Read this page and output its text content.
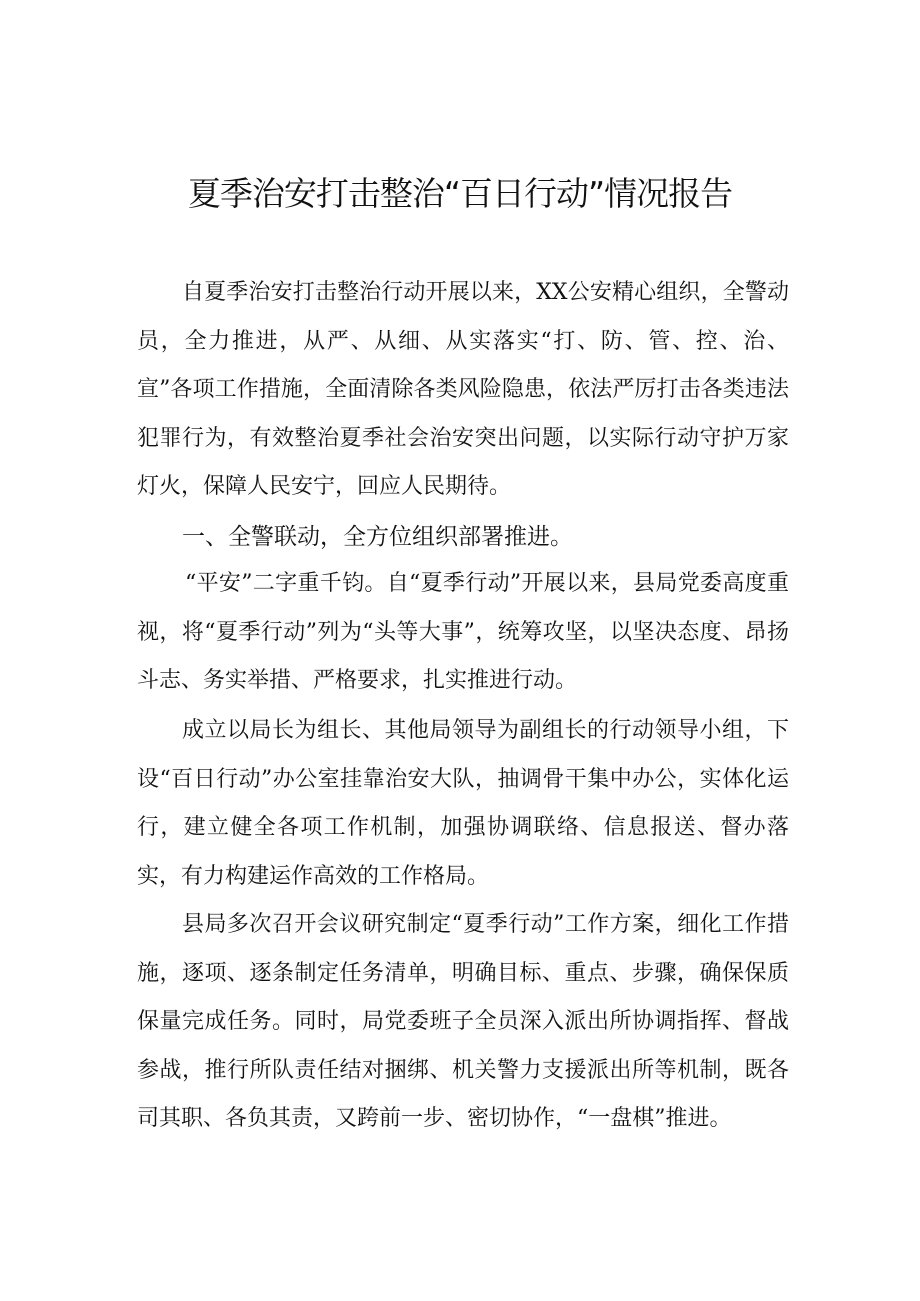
夏季治安打击整治“百日行动”情况报告

自夏季治安打击整治行动开展以来，XX公安精心组织，全警动员，全力推进，从严、从细、从实落实“打、防、管、控、治、宣”各项工作措施，全面清除各类风险隐患，依法严厉打击各类违法犯罪行为，有效整治夏季社会治安突出问题，以实际行动守护万家灯火，保障人民安宁，回应人民期待。

一、全警联动，全方位组织部署推进。

“平安”二字重千钧。自“夏季行动”开展以来，县局党委高度重视，将“夏季行动”列为“头等大事”，统筹攻坚，以坚决态度、昂扬斗志、务实举措、严格要求，扎实推进行动。

成立以局长为组长、其他局领导为副组长的行动领导小组，下设“百日行动”办公室挂靠治安大队，抽调骨干集中办公，实体化运行，建立健全各项工作机制，加强协调联络、信息报送、督办落实，有力构建运作高效的工作格局。

县局多次召开会议研究制定“夏季行动”工作方案，细化工作措施，逐项、逐条制定任务清单，明确目标、重点、步骤，确保保质保量完成任务。同时，局党委班子全员深入派出所协调指挥、督战参战，推行所队责任结对捆绑、机关警力支援派出所等机制，既各司其职、各负其责，又跨前一步、密切协作，“一盘棋”推进。
